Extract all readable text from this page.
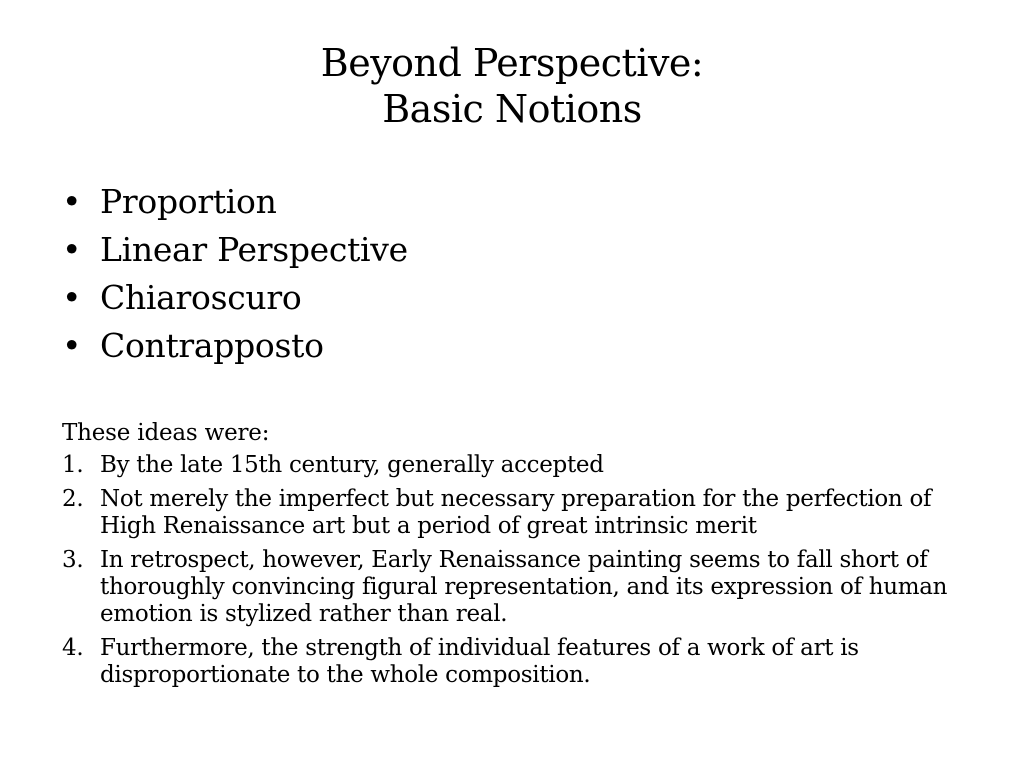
Beyond Perspective:
Basic Notions
• Proportion
• Linear Perspective
• Chiaroscuro
• Contrapposto
These ideas were:
1. By the late 15th century, generally accepted
2. Not merely the imperfect but necessary preparation for the perfection of High Renaissance art but a period of great intrinsic merit
3. In retrospect, however, Early Renaissance painting seems to fall short of thoroughly convincing figural representation, and its expression of human emotion is stylized rather than real.
4. Furthermore, the strength of individual features of a work of art is disproportionate to the whole composition.
